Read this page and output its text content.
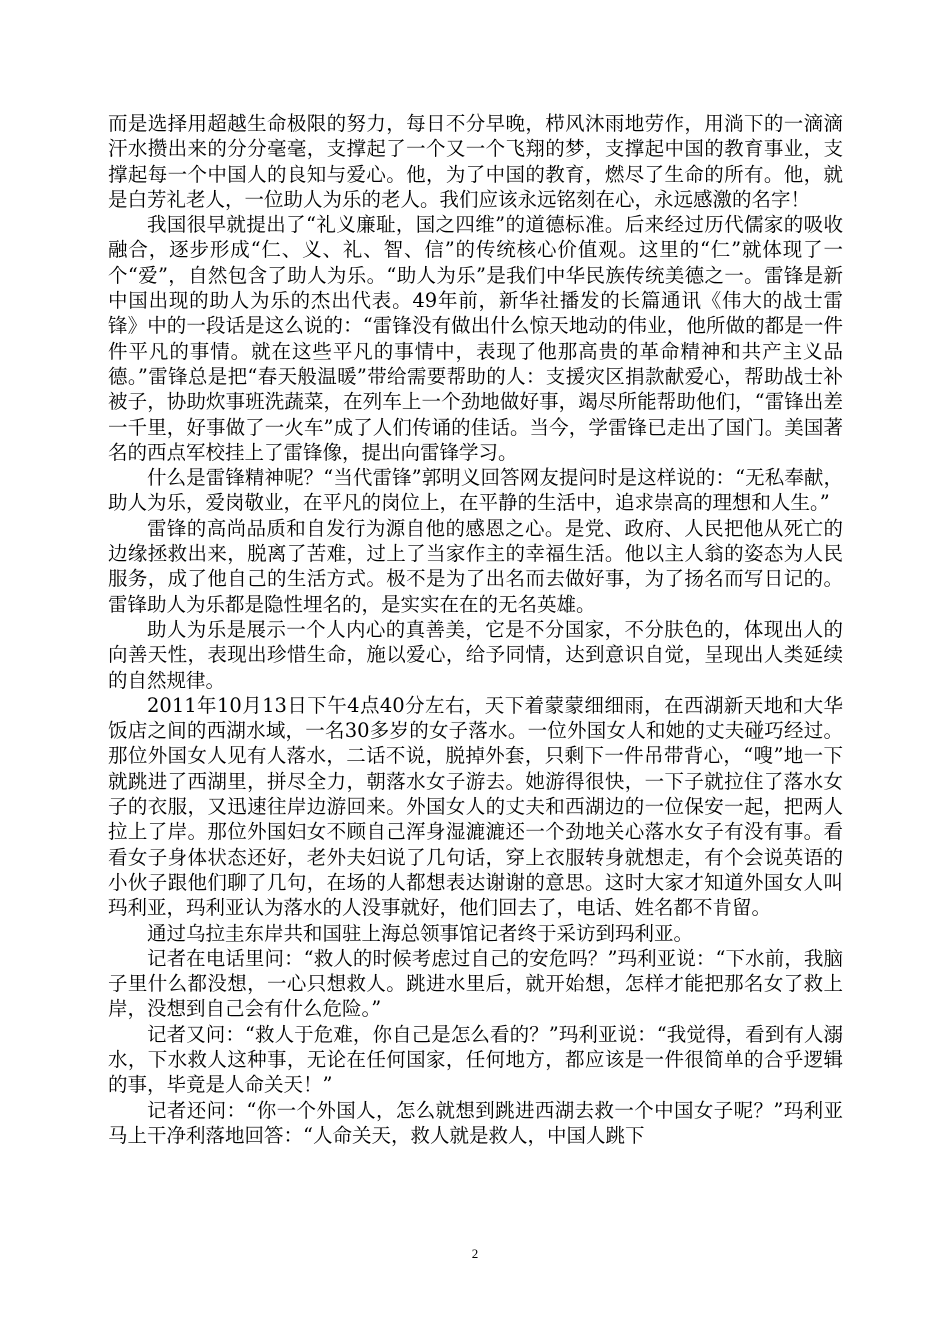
而是选择用超越生命极限的努力，每日不分早晚，栉风沐雨地劳作，用淌下的一滴滴汗水攒出来的分分毫毫，支撑起了一个又一个飞翔的梦，支撑起中国的教育事业，支撑起每一个中国人的良知与爱心。他，为了中国的教育，燃尽了生命的所有。他，就是白芳礼老人，一位助人为乐的老人。我们应该永远铭刻在心，永远感激的名字！

我国很早就提出了“礼义廉耻，国之四维”的道德标准。后来经过历代儒家的吸收融合，逐步形成“仁、义、礼、智、信”的传统核心价值观。这里的“仁”就体现了一个“爱”，自然包含了助人为乐。“助人为乐”是我们中华民族传统美德之一。雷锋是新中国出现的助人为乐的杰出代表。49年前，新华社播发的长篇通讯《伟大的战士雷锋》中的一段话是这么说的：“雷锋没有做出什么惊天地动的伟业，他所做的都是一件件平凡的事情。就在这些平凡的事情中，表现了他那高贵的革命精神和共产主义品德。”雷锋总是把“春天般温暖”带给需要帮助的人：支援灾区捐款献爱心，帮助战士补被子，协助炊事班洗蔬菜，在列车上一个劲地做好事，竭尽所能帮助他们，“雷锋出差一千里，好事做了一火车”成了人们传诵的佳话。当今，学雷锋已走出了国门。美国著名的西点军校挂上了雷锋像，提出向雷锋学习。

什么是雷锋精神呢？“当代雷锋”郭明义回答网友提问时是这样说的：“无私奉献，助人为乐，爱岗敬业，在平凡的岗位上，在平静的生活中，追求崇高的理想和人生。”

雷锋的高尚品质和自发行为源自他的感恩之心。是党、政府、人民把他从死亡的边缘拯救出来，脱离了苦难，过上了当家作主的幸福生活。他以主人翁的姿态为人民服务，成了他自己的生活方式。极不是为了出名而去做好事，为了扬名而写日记的。雷锋助人为乐都是隐性埋名的，是实实在在的无名英雄。

助人为乐是展示一个人内心的真善美，它是不分国家，不分肤色的，体现出人的向善天性，表现出珍惜生命，施以爱心，给予同情，达到意识自觉，呈现出人类延续的自然规律。

2011年10月13日下午4点40分左右，天下着蒙蒙细细雨，在西湖新天地和大华饭店之间的西湖水域，一名30多岁的女子落水。一位外国女人和她的丈夫碰巧经过。那位外国女人见有人落水，二话不说，脱掉外套，只剩下一件吊带背心，“嗖”地一下就跳进了西湖里，拼尽全力，朝落水女子游去。她游得很快，一下子就拉住了落水女子的衣服，又迅速往岸边游回来。外国女人的丈夫和西湖边的一位保安一起，把两人拉上了岸。那位外国妇女不顾自己浑身湿漉漉还一个劲地关心落水女子有没有事。看看女子身体状态还好，老外夫妇说了几句话，穿上衣服转身就想走，有个会说英语的小伙子跟他们聊了几句，在场的人都想表达谢谢的意思。这时大家才知道外国女人叫玛利亚，玛利亚认为落水的人没事就好，他们回去了，电话、姓名都不肯留。

通过乌拉圭东岸共和国驻上海总领事馆记者终于采访到玛利亚。

记者在电话里问：“救人的时候考虑过自己的安危吗？”玛利亚说：“下水前，我脑子里什么都没想，一心只想救人。跳进水里后，就开始想，怎样才能把那名女了救上岸，没想到自己会有什么危险。”

记者又问：“救人于危难，你自己是怎么看的？”玛利亚说：“我觉得，看到有人溺水，下水救人这种事，无论在任何国家，任何地方，都应该是一件很简单的合乎逻辑的事，毕竟是人命关天！”

记者还问：“你一个外国人，怎么就想到跳进西湖去救一个中国女子呢？”玛利亚马上干净利落地回答：“人命关天，救人就是救人，中国人跳下

2
